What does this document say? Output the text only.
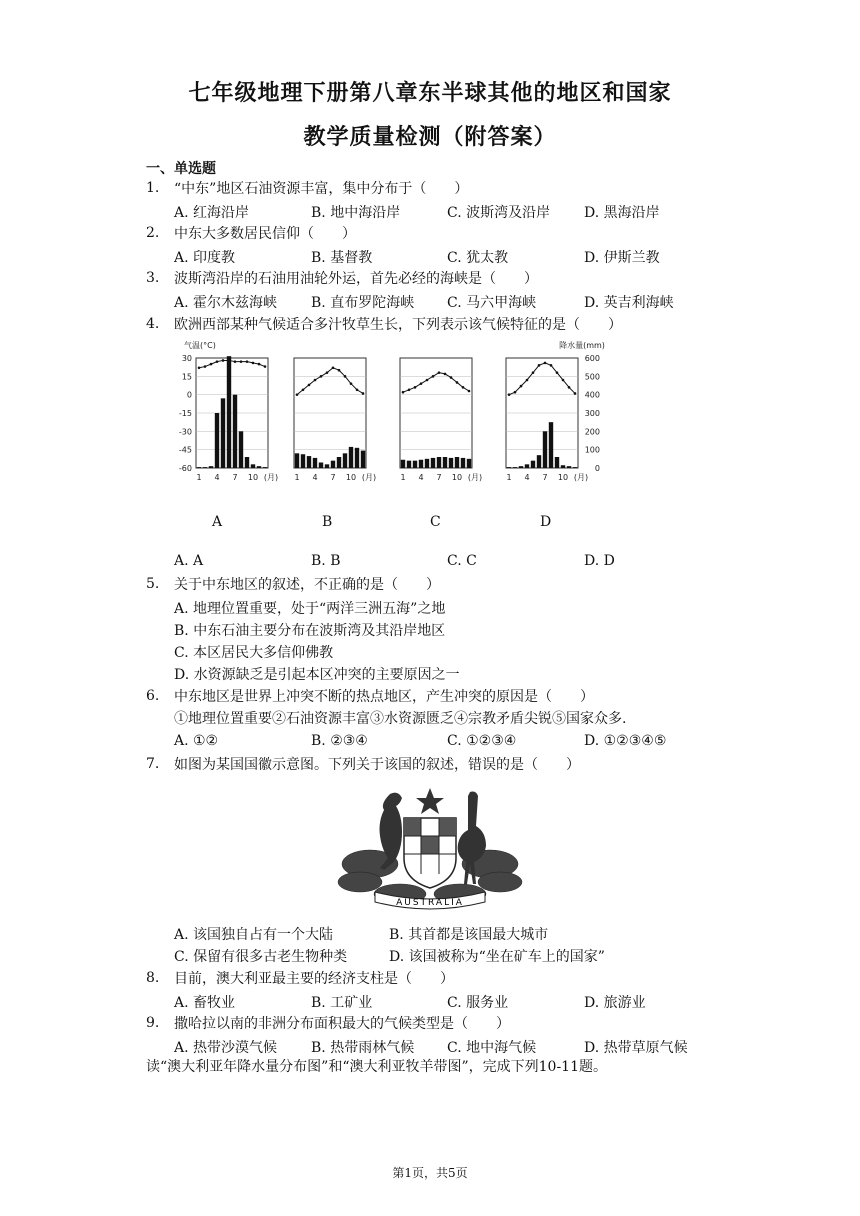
七年级地理下册第八章东半球其他的地区和国家
教学质量检测（附答案）
一、单选题
1. “中东”地区石油资源丰富，集中分布于（　　）
A. 红海沿岸	B. 地中海沿岸	C. 波斯湾及沿岸 D. 黑海沿岸
2. 中东大多数居民信仰（　　）
A. 印度教	B. 基督教	C. 犹太教	D. 伊斯兰教
3. 波斯湾沿岸的石油用油轮外运，首先必经的海峡是（　　）
A. 霍尔木兹海峡 B. 直布罗陀海峡 C. 马六甲海峡	D. 英吉利海峡
4. 欧洲西部某种气候适合多汁牧草生长，下列表示该气候特征的是（　　）
A. A	B. B	C. C	D. D
5. 关于中东地区的叙述，不正确的是（　　）
A. 地理位置重要，处于“两洋三洲五海”之地
B. 中东石油主要分布在波斯湾及其沿岸地区
C. 本区居民大多信仰佛教
D. 水资源缺乏是引起本区冲突的主要原因之一
6. 中东地区是世界上冲突不断的热点地区，产生冲突的原因是（　　）
①地理位置重要②石油资源丰富③水资源匮乏④宗教矛盾尖锐⑤国家众多.
A. ①②	B. ②③④	C. ①②③④	D. ①②③④⑤
7. 如图为某国国徽示意图。下列关于该国的叙述，错误的是（　　）
A. 该国独自占有一个大陆	B. 其首都是该国最大城市
C. 保留有很多古老生物种类	D. 该国被称为“坐在矿车上的国家”
8. 目前，澳大利亚最主要的经济支柱是（　　）
A. 畜牧业	B. 工矿业	C. 服务业	D. 旅游业
9. 撒哈拉以南的非洲分布面积最大的气候类型是（　　）
A. 热带沙漠气候 B. 热带雨林气候 C. 地中海气候	D. 热带草原气候
读“澳大利亚年降水量分布图”和“澳大利亚牧羊带图”，完成下列10-11题。
气温(°C)	降水量(mm)
30
15
0
-15
-30
-45
-60
600
500
400
300
200
100
0
1 4 7 10 (月) 1 4 7 10 (月)	1 4 7 10 (月)	1 4 7 10 (月)
A	B	C	D
AUSTRALIA
第1页，共5页
